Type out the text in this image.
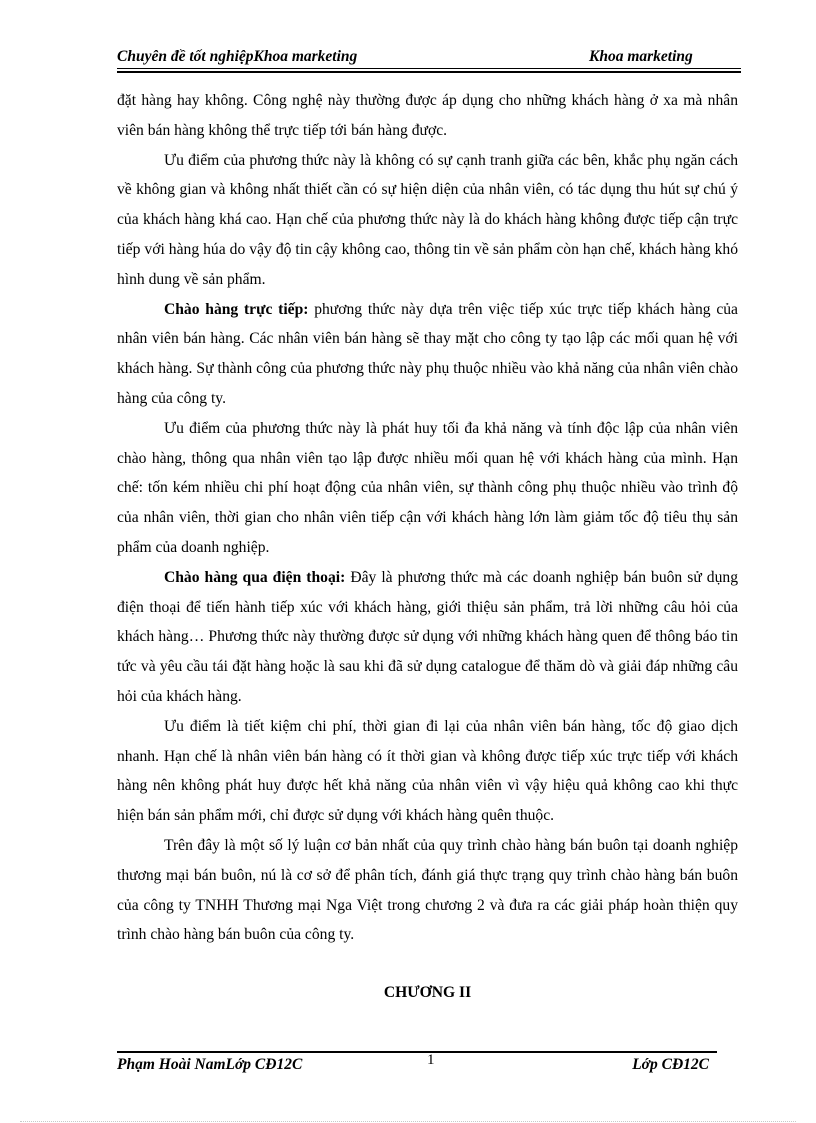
Chuyên đề tốt nghiệpKhoa marketing	Khoa marketing

đặt hàng hay không. Công nghệ này thường được áp dụng cho những khách hàng ở xa mà nhân viên bán hàng không thể trực tiếp tới bán hàng được.

Ưu điểm của phương thức này là không có sự cạnh tranh giữa các bên, khắc phụ ngăn cách về không gian và không nhất thiết cần có sự hiện diện của nhân viên, có tác dụng thu hút sự chú ý của khách hàng khá cao. Hạn chế của phương thức này là do khách hàng không được tiếp cận trực tiếp với hàng húa do vậy độ tin cậy không cao, thông tin về sản phẩm còn hạn chế, khách hàng khó hình dung về sản phẩm.

Chào hàng trực tiếp: phương thức này dựa trên việc tiếp xúc trực tiếp khách hàng của nhân viên bán hàng. Các nhân viên bán hàng sẽ thay mặt cho công ty tạo lập các mối quan hệ với khách hàng. Sự thành công của phương thức này phụ thuộc nhiều vào khả năng của nhân viên chào hàng của công ty.

Ưu điểm của phương thức này là phát huy tối đa khả năng và tính độc lập của nhân viên chào hàng, thông qua nhân viên tạo lập được nhiều mối quan hệ với khách hàng của mình. Hạn chế: tốn kém nhiều chi phí hoạt động của nhân viên, sự thành công phụ thuộc nhiều vào trình độ của nhân viên, thời gian cho nhân viên tiếp cận với khách hàng lớn làm giảm tốc độ tiêu thụ sản phẩm của doanh nghiệp.

Chào hàng qua điện thoại: Đây là phương thức mà các doanh nghiệp bán buôn sử dụng điện thoại để tiến hành tiếp xúc với khách hàng, giới thiệu sản phẩm, trả lời những câu hỏi của khách hàng… Phương thức này thường được sử dụng với những khách hàng quen để thông báo tin tức và yêu cầu tái đặt hàng hoặc là sau khi đã sử dụng catalogue để thăm dò và giải đáp những câu hỏi của khách hàng.

Ưu điểm là tiết kiệm chi phí, thời gian đi lại của nhân viên bán hàng, tốc độ giao dịch nhanh. Hạn chế là nhân viên bán hàng có ít thời gian và không được tiếp xúc trực tiếp với khách hàng nên không phát huy được hết khả năng của nhân viên vì vậy hiệu quả không cao khi thực hiện bán sản phẩm mới, chỉ được sử dụng với khách hàng quên thuộc.

Trên đây là một số lý luận cơ bản nhất của quy trình chào hàng bán buôn tại doanh nghiệp thương mại bán buôn, nú là cơ sở để phân tích, đánh giá thực trạng quy trình chào hàng bán buôn của công ty TNHH Thương mại Nga Việt trong chương 2 và đưa ra các giải pháp hoàn thiện quy trình chào hàng bán buôn của công ty.

CHƯƠNG II
Phạm Hoài NamLớp CĐ12C	1	Lớp CĐ12C
